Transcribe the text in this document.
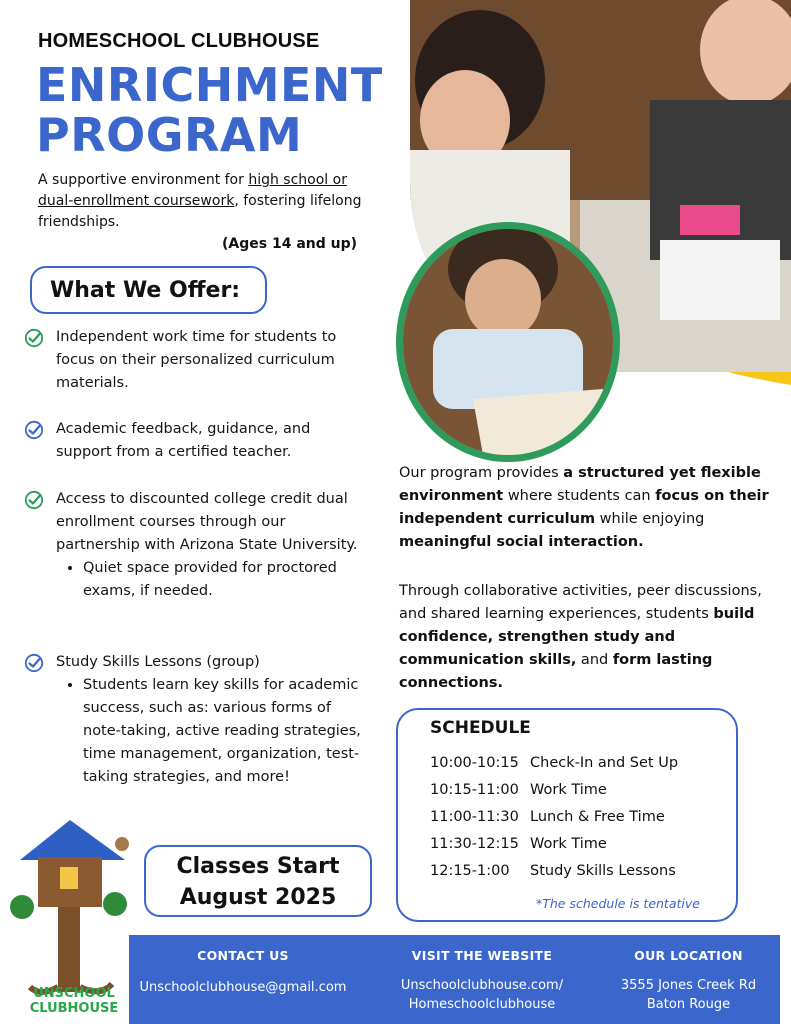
HOMESCHOOL CLUBHOUSE
ENRICHMENT
PROGRAM
A supportive environment for high school or dual-enrollment coursework, fostering lifelong friendships.
(Ages 14 and up)
What We Offer:
Independent work time for students to focus on their personalized curriculum materials.
Academic feedback, guidance, and support from a certified teacher.
Access to discounted college credit dual enrollment courses through our partnership with Arizona State University.
• Quiet space provided for proctored exams, if needed.
Study Skills Lessons (group)
• Students learn key skills for academic success, such as: various forms of note-taking, active reading strategies, time management, organization, test-taking strategies, and more!
Our program provides a structured yet flexible environment where students can focus on their independent curriculum while enjoying meaningful social interaction.
Through collaborative activities, peer discussions, and shared learning experiences, students build confidence, strengthen study and communication skills, and form lasting connections.
SCHEDULE
10:00-10:15 Check-In and Set Up
10:15-11:00 Work Time
11:00-11:30 Lunch & Free Time
11:30-12:15 Work Time
12:15-1:00 Study Skills Lessons
*The schedule is tentative
Classes Start
August 2025
UNSCHOOL
CLUBHOUSE
CONTACT US
Unschoolclubhouse@gmail.com
VISIT THE WEBSITE
Unschoolclubhouse.com/
Homeschoolclubhouse
OUR LOCATION
3555 Jones Creek Rd
Baton Rouge
